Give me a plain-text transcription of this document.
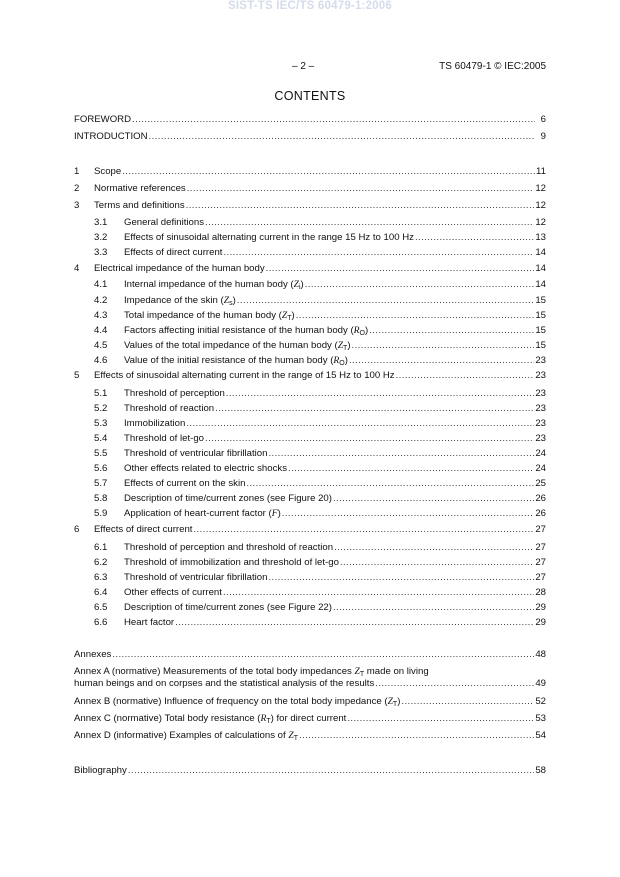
SIST-TS IEC/TS 60479-1:2006
– 2 –	TS 60479-1 © IEC:2005
CONTENTS
FOREWORD .....	6
INTRODUCTION .....	9
1	Scope .....	11
2	Normative references .....	12
3	Terms and definitions .....	12
3.1	General definitions .....	12
3.2	Effects of sinusoidal alternating current in the range 15 Hz to 100 Hz .....	13
3.3	Effects of direct current .....	14
4	Electrical impedance of the human body .....	14
4.1	Internal impedance of the human body $(Z_i)$ .....	14
4.2	Impedance of the skin $(Z_s)$ .....	15
4.3	Total impedance of the human body $(Z_T)$ .....	15
4.4	Factors affecting initial resistance of the human body $(R_O)$ .....	15
4.5	Values of the total impedance of the human body $(Z_T)$ .....	15
4.6	Value of the initial resistance of the human body $(R_O)$ .....	23
5	Effects of sinusoidal alternating current in the range of 15 Hz to 100 Hz .....	23
5.1	Threshold of perception .....	23
5.2	Threshold of reaction .....	23
5.3	Immobilization .....	23
5.4	Threshold of let-go .....	23
5.5	Threshold of ventricular fibrillation .....	24
5.6	Other effects related to electric shocks .....	24
5.7	Effects of current on the skin .....	25
5.8	Description of time/current zones (see Figure 20) .....	26
5.9	Application of heart-current factor (F) .....	26
6	Effects of direct current .....	27
6.1	Threshold of perception and threshold of reaction .....	27
6.2	Threshold of immobilization and threshold of let-go .....	27
6.3	Threshold of ventricular fibrillation .....	27
6.4	Other effects of current .....	28
6.5	Description of time/current zones (see Figure 22) .....	29
6.6	Heart factor .....	29
Annexes .....	48
Annex A (normative) Measurements of the total body impedances $Z_T$ made on living
human beings and on corpses and the statistical analysis of the results .....	49
Annex B (normative) Influence of frequency on the total body impedance $(Z_T)$ .....	52
Annex C (normative) Total body resistance $(R_T)$ for direct current .....	53
Annex D (informative) Examples of calculations of $Z_T$ .....	54
Bibliography .....	58
